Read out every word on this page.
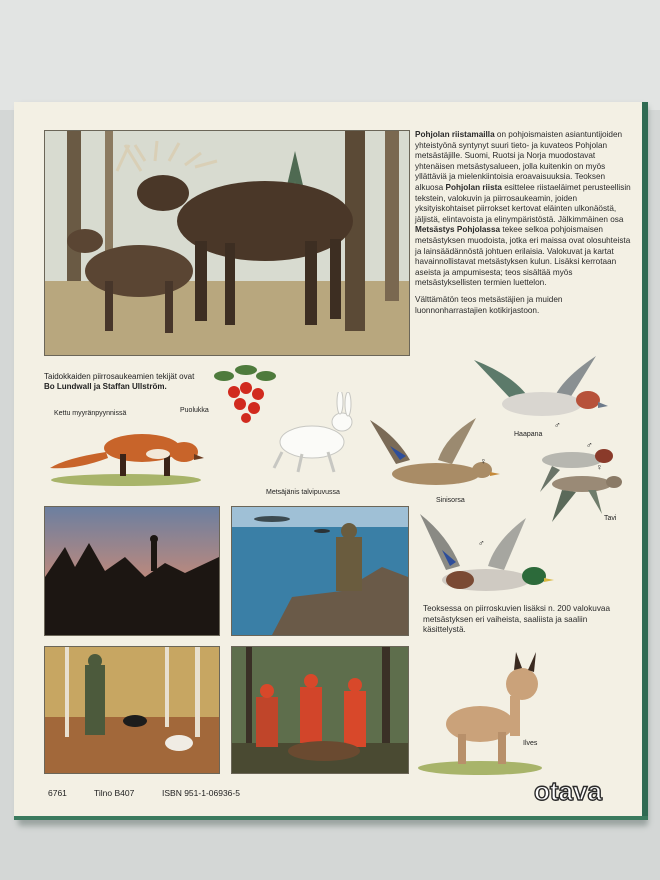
Pohjolan riistamailla on pohjoismaisten asiantuntijoiden yhteistyönä syntynyt suuri tieto- ja kuvateos Pohjolan metsästäjille. Suomi, Ruotsi ja Norja muodostavat yhtenäisen metsästysalueen, jolla kuitenkin on myös yllättäviä ja mielenkiintoisia eroavaisuuksia. Teoksen alkuosa Pohjolan riista esittelee riistaeläimet perusteellisin tekstein, valokuvin ja piirrosaukeamin, joiden yksityiskohtaiset piirrokset kertovat eläinten ulkonäöstä, jäljistä, elintavoista ja elinympäristöstä. Jälkimmäinen osa Metsästys Pohjolassa tekee selkoa pohjoismaisen metsästyksen muodoista, jotka eri maissa ovat olosuhteista ja lainsäädännöstä johtuen erilaisia. Valokuvat ja kartat havainnollistavat metsästyksen kulun. Lisäksi kerrotaan aseista ja ampumisesta; teos sisältää myös metsästyksellisten termien luettelon.

Välttämätön teos metsästäjien ja muiden luonnonharrastajien kotikirjastoon.

Taidokkaiden piirrosaukeamien tekijät ovat
Bo Lundwall ja Staffan Ullström.
Kettu myyränpyynnissä	Puolukka
Metsäjänis talvipuvussa
Haapana
♂
♀
♂
♀
Tavi
Sinisorsa
♂
Teoksessa on piirroskuvien lisäksi n. 200 valokuvaa metsästyksen eri vaiheista, saaliista ja saaliin käsittelystä.
Ilves
6761	Tilno B407	ISBN 951-1-06936-5	otava
